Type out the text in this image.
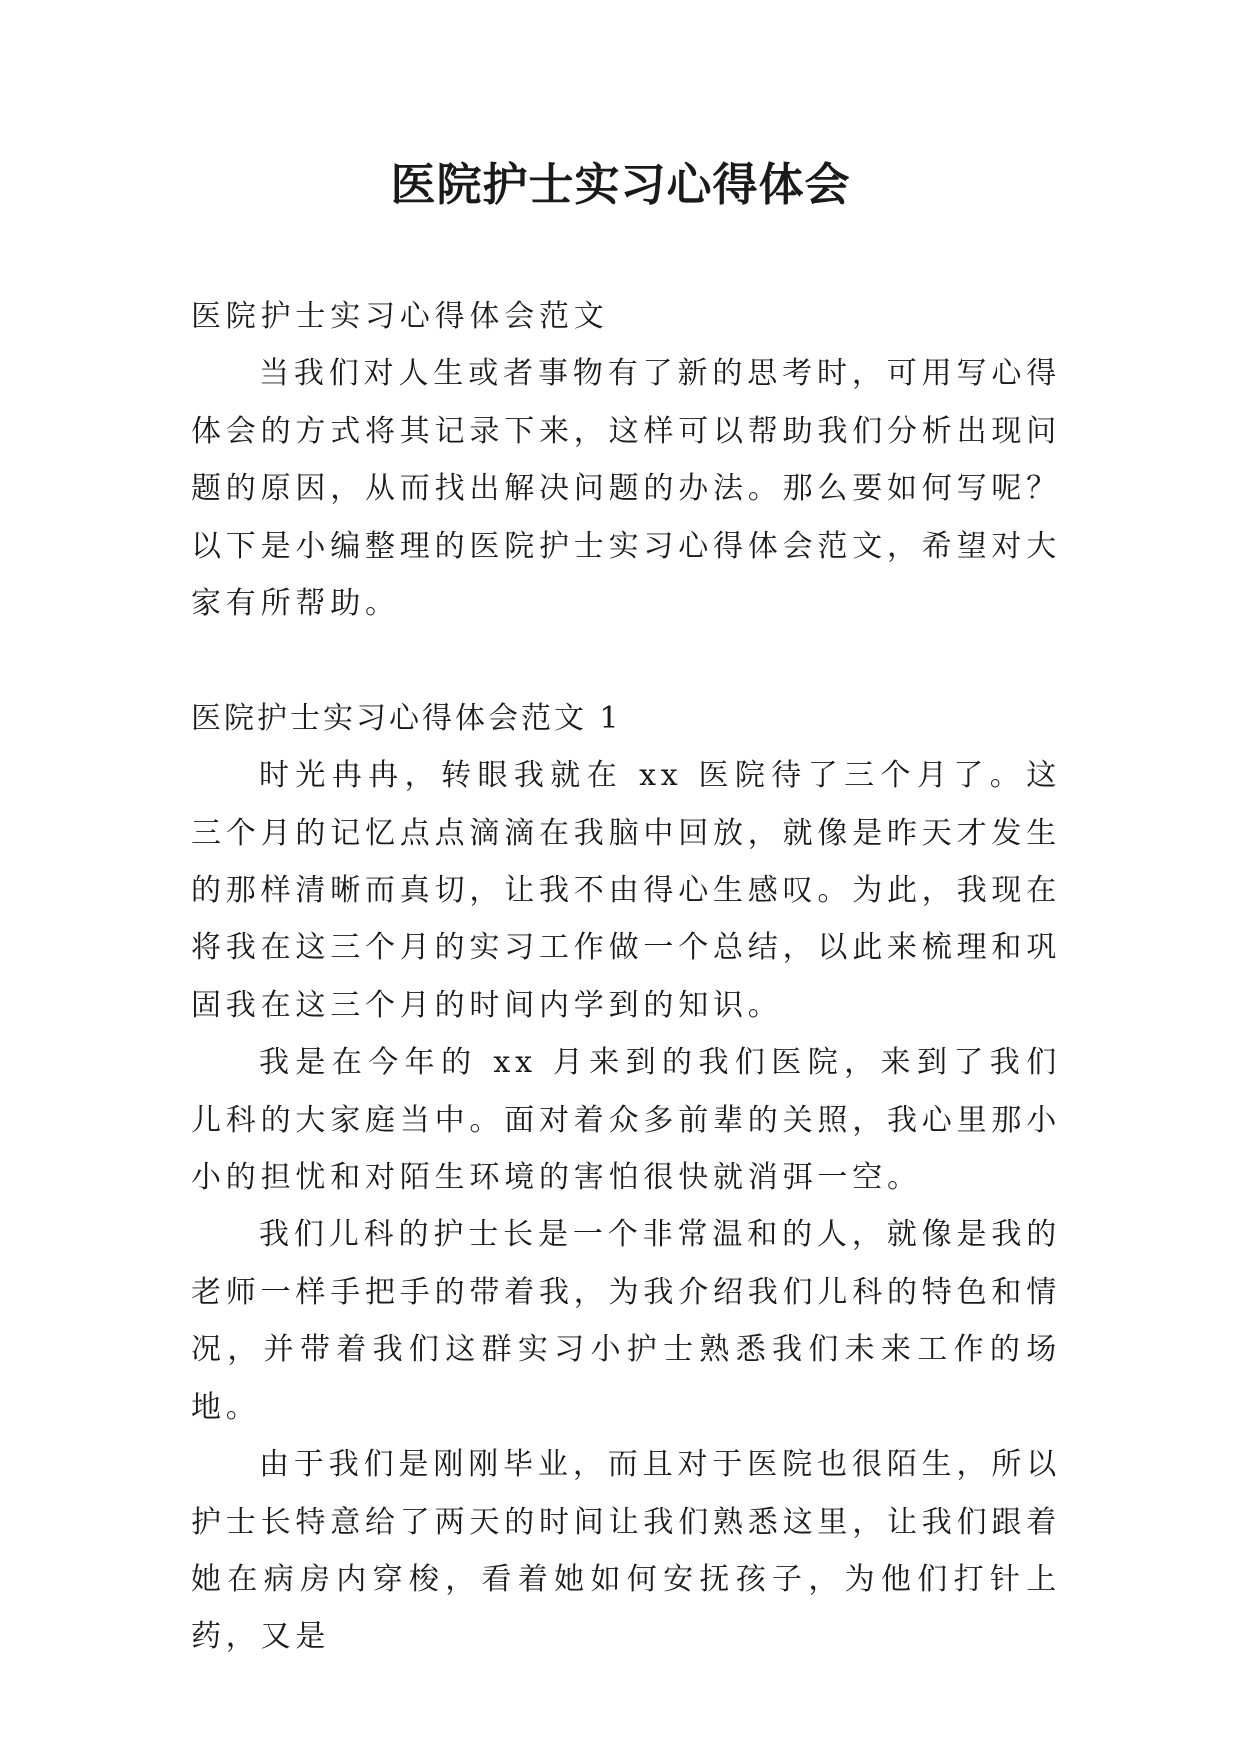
医院护士实习心得体会

医院护士实习心得体会范文

当我们对人生或者事物有了新的思考时，可用写心得体会的方式将其记录下来，这样可以帮助我们分析出现问题的原因，从而找出解决问题的办法。那么要如何写呢？以下是小编整理的医院护士实习心得体会范文，希望对大家有所帮助。

医院护士实习心得体会范文 1

时光冉冉，转眼我就在 xx 医院待了三个月了。这三个月的记忆点点滴滴在我脑中回放，就像是昨天才发生的那样清晰而真切，让我不由得心生感叹。为此，我现在将我在这三个月的实习工作做一个总结，以此来梳理和巩固我在这三个月的时间内学到的知识。

我是在今年的 xx 月来到的我们医院，来到了我们儿科的大家庭当中。面对着众多前辈的关照，我心里那小小的担忧和对陌生环境的害怕很快就消弭一空。

我们儿科的护士长是一个非常温和的人，就像是我的老师一样手把手的带着我，为我介绍我们儿科的特色和情况，并带着我们这群实习小护士熟悉我们未来工作的场地。

由于我们是刚刚毕业，而且对于医院也很陌生，所以护士长特意给了两天的时间让我们熟悉这里，让我们跟着她在病房内穿梭，看着她如何安抚孩子，为他们打针上药，又是
